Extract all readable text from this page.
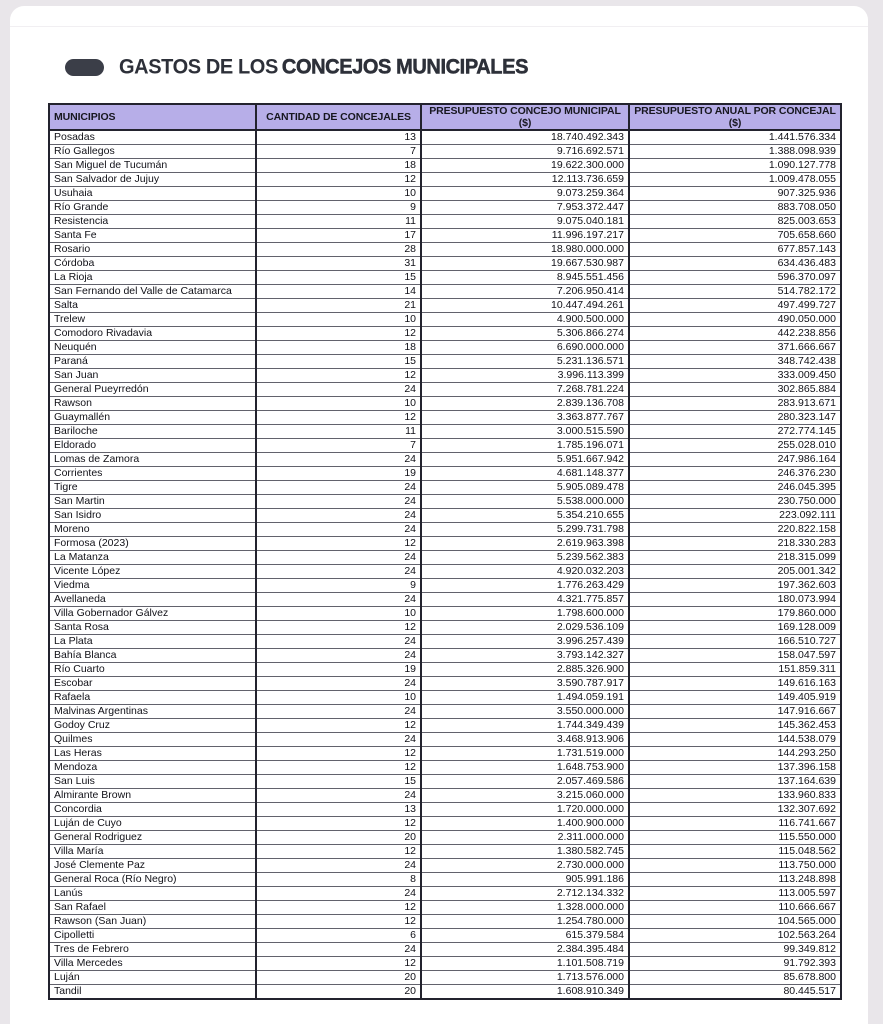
GASTOS DE LOS CONCEJOS MUNICIPALES
MUNICIPIOS	CANTIDAD DE CONCEJALES	PRESUPUESTO CONCEJO MUNICIPAL ($)	PRESUPUESTO ANUAL POR CONCEJAL ($)
Posadas	13	18.740.492.343	1.441.576.334
Río Gallegos	7	9.716.692.571	1.388.098.939
San Miguel de Tucumán	18	19.622.300.000	1.090.127.778
San Salvador de Jujuy	12	12.113.736.659	1.009.478.055
Usuhaia	10	9.073.259.364	907.325.936
Río Grande	9	7.953.372.447	883.708.050
Resistencia	11	9.075.040.181	825.003.653
Santa Fe	17	11.996.197.217	705.658.660
Rosario	28	18.980.000.000	677.857.143
Córdoba	31	19.667.530.987	634.436.483
La Rioja	15	8.945.551.456	596.370.097
San Fernando del Valle de Catamarca	14	7.206.950.414	514.782.172
Salta	21	10.447.494.261	497.499.727
Trelew	10	4.900.500.000	490.050.000
Comodoro Rivadavia	12	5.306.866.274	442.238.856
Neuquén	18	6.690.000.000	371.666.667
Paraná	15	5.231.136.571	348.742.438
San Juan	12	3.996.113.399	333.009.450
General Pueyrredón	24	7.268.781.224	302.865.884
Rawson	10	2.839.136.708	283.913.671
Guaymallén	12	3.363.877.767	280.323.147
Bariloche	11	3.000.515.590	272.774.145
Eldorado	7	1.785.196.071	255.028.010
Lomas de Zamora	24	5.951.667.942	247.986.164
Corrientes	19	4.681.148.377	246.376.230
Tigre	24	5.905.089.478	246.045.395
San Martin	24	5.538.000.000	230.750.000
San Isidro	24	5.354.210.655	223.092.111
Moreno	24	5.299.731.798	220.822.158
Formosa (2023)	12	2.619.963.398	218.330.283
La Matanza	24	5.239.562.383	218.315.099
Vicente López	24	4.920.032.203	205.001.342
Viedma	9	1.776.263.429	197.362.603
Avellaneda	24	4.321.775.857	180.073.994
Villa Gobernador Gálvez	10	1.798.600.000	179.860.000
Santa Rosa	12	2.029.536.109	169.128.009
La Plata	24	3.996.257.439	166.510.727
Bahía Blanca	24	3.793.142.327	158.047.597
Río Cuarto	19	2.885.326.900	151.859.311
Escobar	24	3.590.787.917	149.616.163
Rafaela	10	1.494.059.191	149.405.919
Malvinas Argentinas	24	3.550.000.000	147.916.667
Godoy Cruz	12	1.744.349.439	145.362.453
Quilmes	24	3.468.913.906	144.538.079
Las Heras	12	1.731.519.000	144.293.250
Mendoza	12	1.648.753.900	137.396.158
San Luis	15	2.057.469.586	137.164.639
Almirante Brown	24	3.215.060.000	133.960.833
Concordia	13	1.720.000.000	132.307.692
Luján de Cuyo	12	1.400.900.000	116.741.667
General Rodriguez	20	2.311.000.000	115.550.000
Villa María	12	1.380.582.745	115.048.562
José Clemente Paz	24	2.730.000.000	113.750.000
General Roca (Río Negro)	8	905.991.186	113.248.898
Lanús	24	2.712.134.332	113.005.597
San Rafael	12	1.328.000.000	110.666.667
Rawson (San Juan)	12	1.254.780.000	104.565.000
Cipolletti	6	615.379.584	102.563.264
Tres de Febrero	24	2.384.395.484	99.349.812
Villa Mercedes	12	1.101.508.719	91.792.393
Luján	20	1.713.576.000	85.678.800
Tandil	20	1.608.910.349	80.445.517
